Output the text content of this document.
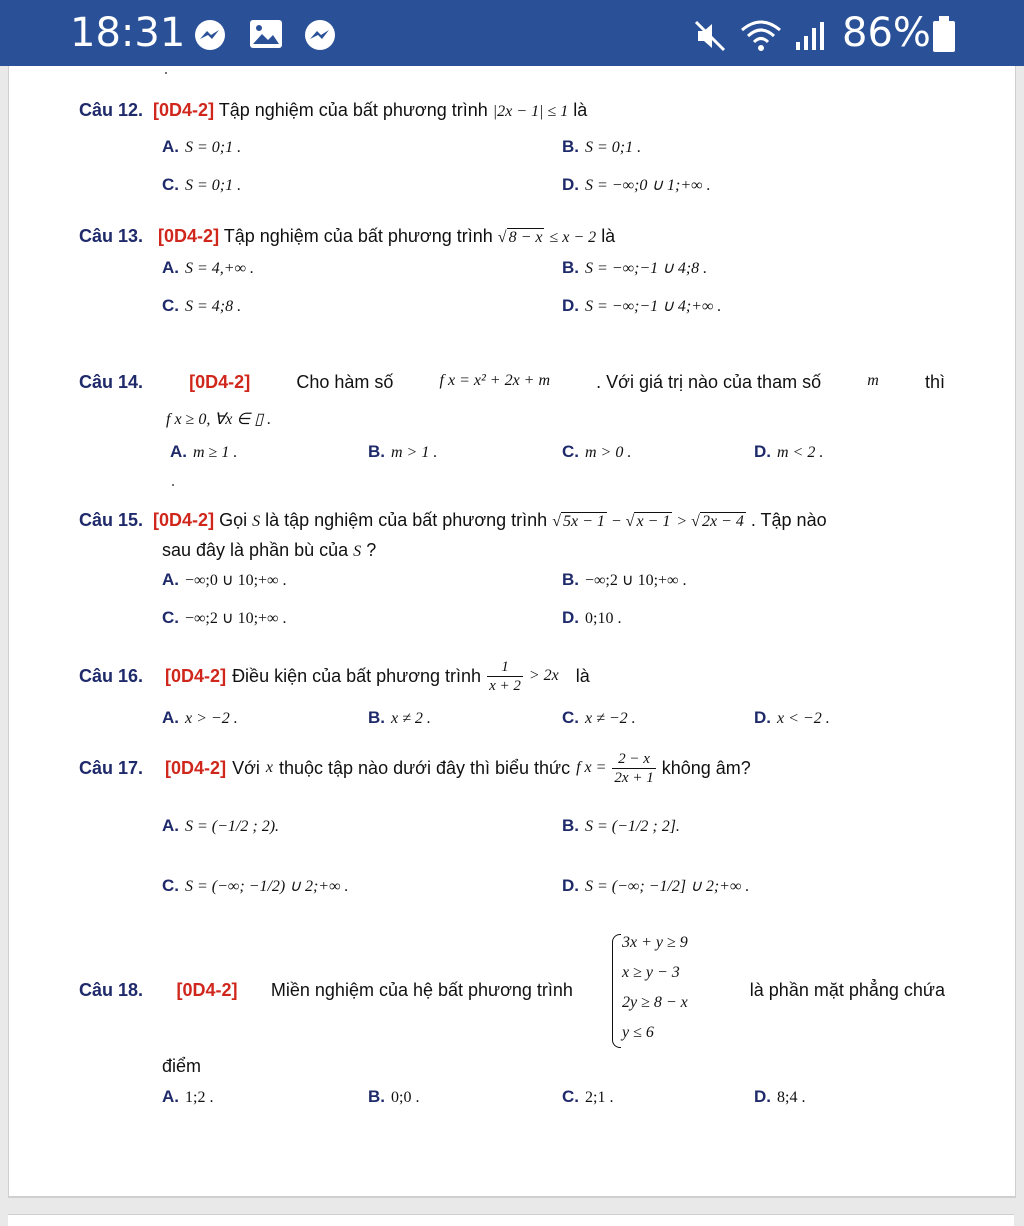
18:31	86%
Câu 12. [0D4-2] Tập nghiệm của bất phương trình |2x − 1| ≤ 1 là
A. S = 0;1 .	B. S = 0;1 .
C. S = 0;1 .	D. S = −∞;0 ∪ 1;+∞ .
Câu 13. [0D4-2] Tập nghiệm của bất phương trình √ 8 − x ≤ x − 2 là
A. S = 4,+∞ .	B. S = −∞;−1 ∪ 4;8 .
C. S = 4;8 .	D. S = −∞;−1 ∪ 4;+∞ .
Câu 14.	[0D4-2]	Cho hàm số	f x = x² + 2x + m	. Với giá trị nào của tham số	m	thì
f x ≥ 0, ∀x ∈ ▯ .
A. m ≥ 1 .	B. m > 1 .	C. m > 0 .	D. m < 2 .
Câu 15. [0D4-2] Gọi S là tập nghiệm của bất phương trình √ 5x − 1 − √ x − 1 > √ 2x − 4 . Tập nào
sau đây là phần bù của S ?
A. −∞;0 ∪ 10;+∞ .	B. −∞;2 ∪ 10;+∞ .
C. −∞;2 ∪ 10;+∞ .	D. 0;10 .
Câu 16.
[0D4-2] Điều kiện của bất phương trình $\frac{1}{x + 2} > 2x$
là
A. x > −2 .	B. x ≠ 2 .	C. x ≠ −2 .	D. x < −2 .
Câu 17.
[0D4-2] Với x thuộc tập nào dưới đây thì biểu thức f $x = \frac{2 - x}{2x + 1}$ không âm?
A. S = (−1/2 ; 2).	B. S = (−1/2 ; 2].
C. S = (−∞; −1/2) ∪ 2;+∞ .	D. S = (−∞; −1/2] ∪ 2;+∞ .
Câu 18. [0D4-2] Miền nghiệm của hệ bất phương trình	là phần mặt phẳng chứa
3x + y ≥ 9
x ≥ y − 3
2y ≥ 8 − x
y ≤ 6
điểm
A. 1;2 .	B. 0;0 .	C. 2;1 .	D. 8;4 .
